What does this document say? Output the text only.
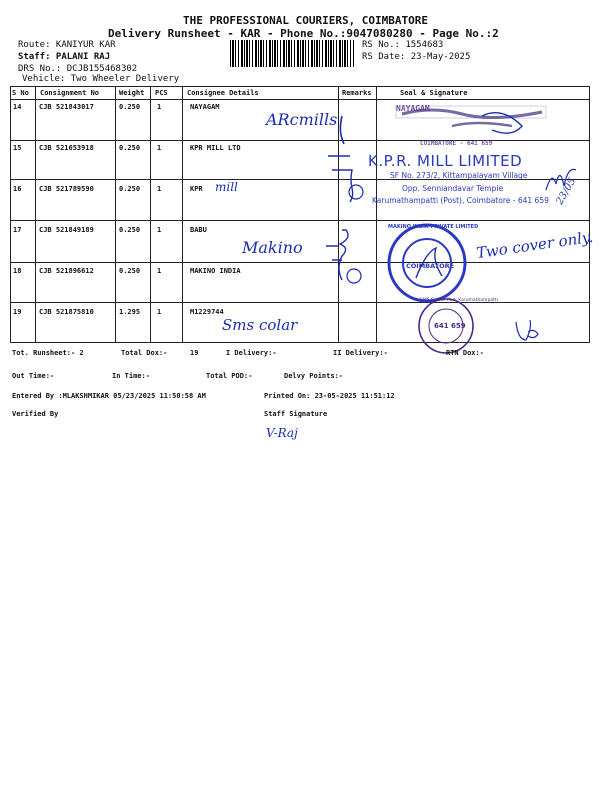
THE PROFESSIONAL COURIERS, COIMBATORE
Delivery Runsheet - KAR - Phone No.:9047080280 - Page No.:2
Route: KANIYUR KAR
Staff: PALANI RAJ
DRS No.: DCJB155468302
Vehicle: Two Wheeler Delivery
RS No.: 1554683
RS Date: 23-May-2025
S No Consignment No	Weight PCS	Consignee Details	Remarks	Seal & Signature
14	CJB 521843017	0.250 1	NAYAGAM
15	CJB 521653918	0.250 1	KPR MILL LTD
16	CJB 521789590	0.250 1	KPR
17	CJB 521849189	0.250 1	BABU
18	CJB 521896612	0.250 1	MAKINO INDIA
19	CJB 521875810	1.295 1	M1229744
ARcmills
mill
Makino
Sms colar
Two cover only.
23/05
NAYAGAM
COIMBATORE - 641 659
K.P.R. MILL LIMITED
SF No. 273/2, Kittampalayam Village
Opp. Senniandavar Temple
Karumathampatti (Post), Coimbatore - 641 659
MAKINO INDIA PRIVATE LIMITED
COIMBATORE
SMS Colour Park Karumathampatti
641 659
Tot. Runsheet:- 2	Total Dox:-	19	I Delivery:-	II Delivery:-	RTN Dox:-
Out Time:-	In Time:-	Total POD:-	Delvy Points:-
Entered By :MLAKSHMIKAR 05/23/2025 11:50:58 AM	Printed On: 23-05-2025 11:51:12
Verified By	Staff Signature
V-Raj
